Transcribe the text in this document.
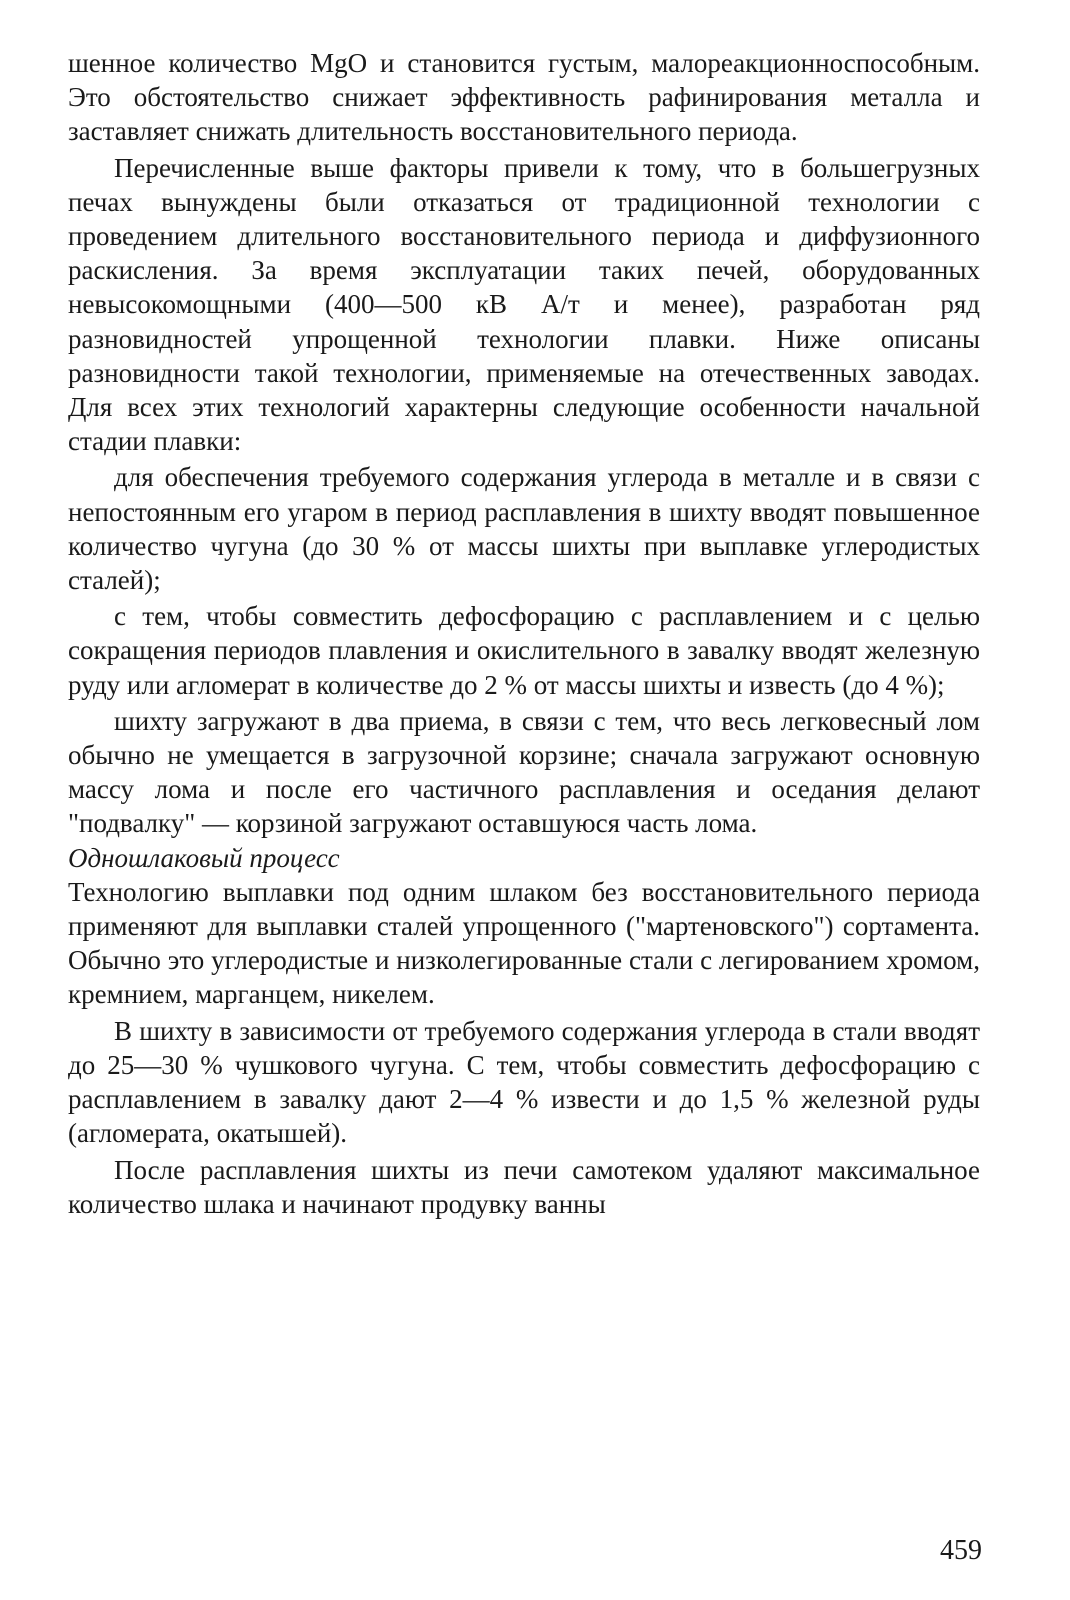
шенное количество MgO и становится густым, малореакционноспособным. Это обстоятельство снижает эффективность рафинирования металла и заставляет снижать длительность восстановительного периода.

Перечисленные выше факторы привели к тому, что в большегрузных печах вынуждены были отказаться от традиционной технологии с проведением длительного восстановительного периода и диффузионного раскисления. За время эксплуатации таких печей, оборудованных невысокомощными (400—500 кВ А/т и менее), разработан ряд разновидностей упрощенной технологии плавки. Ниже описаны разновидности такой технологии, применяемые на отечественных заводах. Для всех этих технологий характерны следующие особенности начальной стадии плавки:

для обеспечения требуемого содержания углерода в металле и в связи с непостоянным его угаром в период расплавления в шихту вводят повышенное количество чугуна (до 30 % от массы шихты при выплавке углеродистых сталей);

с тем, чтобы совместить дефосфорацию с расплавлением и с целью сокращения периодов плавления и окислительного в завалку вводят железную руду или агломерат в количестве до 2 % от массы шихты и известь (до 4 %);

шихту загружают в два приема, в связи с тем, что весь легковесный лом обычно не умещается в загрузочной корзине; сначала загружают основную массу лома и после его частичного расплавления и оседания делают "подвалку" — корзиной загружают оставшуюся часть лома.

Одношлаковый процесс

Технологию выплавки под одним шлаком без восстановительного периода применяют для выплавки сталей упрощенного ("мартеновского") сортамента. Обычно это углеродистые и низколегированные стали с легированием хромом, кремнием, марганцем, никелем.

В шихту в зависимости от требуемого содержания углерода в стали вводят до 25—30 % чушкового чугуна. С тем, чтобы совместить дефосфорацию с расплавлением в завалку дают 2—4 % извести и до 1,5 % железной руды (агломерата, окатышей).

После расплавления шихты из печи самотеком удаляют максимальное количество шлака и начинают продувку ванны

459
